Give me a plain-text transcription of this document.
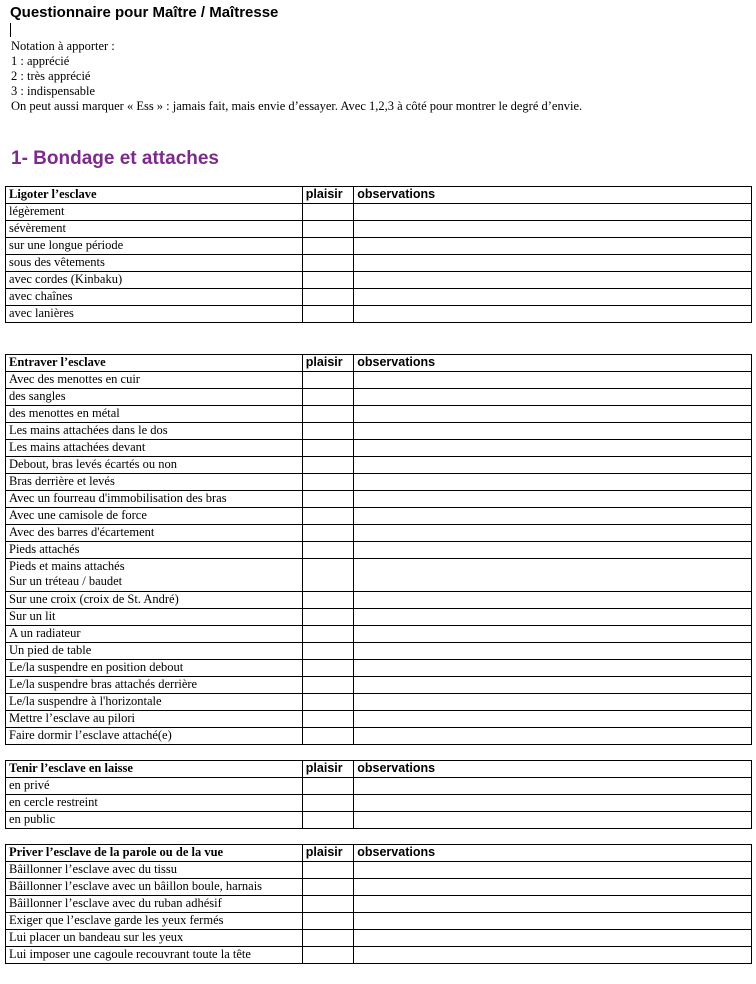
Questionnaire pour Maître / Maîtresse
Notation à apporter :
1 : apprécié
2 : très apprécié
3 : indispensable
On peut aussi marquer « Ess » : jamais fait, mais envie d’essayer. Avec 1,2,3 à côté pour montrer le degré d’envie.
1- Bondage et attaches
Ligoter l’esclave	plaisir	observations
légèrement		
sévèrement		
sur une longue période		
sous des vêtements		
avec cordes (Kinbaku)		
avec chaînes		
avec lanières		
Entraver l’esclave	plaisir	observations
Avec des menottes en cuir		
des sangles		
des menottes en métal		
Les mains attachées dans le dos		
Les mains attachées devant		
Debout, bras levés écartés ou non		
Bras derrière et levés		
Avec un fourreau d'immobilisation des bras		
Avec une camisole de force		
Avec des barres d'écartement		
Pieds attachés		

Pieds et mains attachés
Sur un tréteau / baudet		

Sur une croix (croix de St. André)		
Sur un lit		
A un radiateur		
Un pied de table		
Le/la suspendre en position debout		
Le/la suspendre bras attachés derrière		
Le/la suspendre à l'horizontale		
Mettre l’esclave au pilori		
Faire dormir l’esclave attaché(e)		
Tenir l’esclave en laisse	plaisir	observations
en privé		
en cercle restreint		
en public		
Priver l’esclave de la parole ou de la vue	plaisir	observations
Bâillonner l’esclave avec du tissu		
Bâillonner l’esclave avec un bâillon boule, harnais		
Bâillonner l’esclave avec du ruban adhésif		
Exiger que l’esclave garde les yeux fermés		
Lui placer un bandeau sur les yeux		
Lui imposer une cagoule recouvrant toute la tête		
